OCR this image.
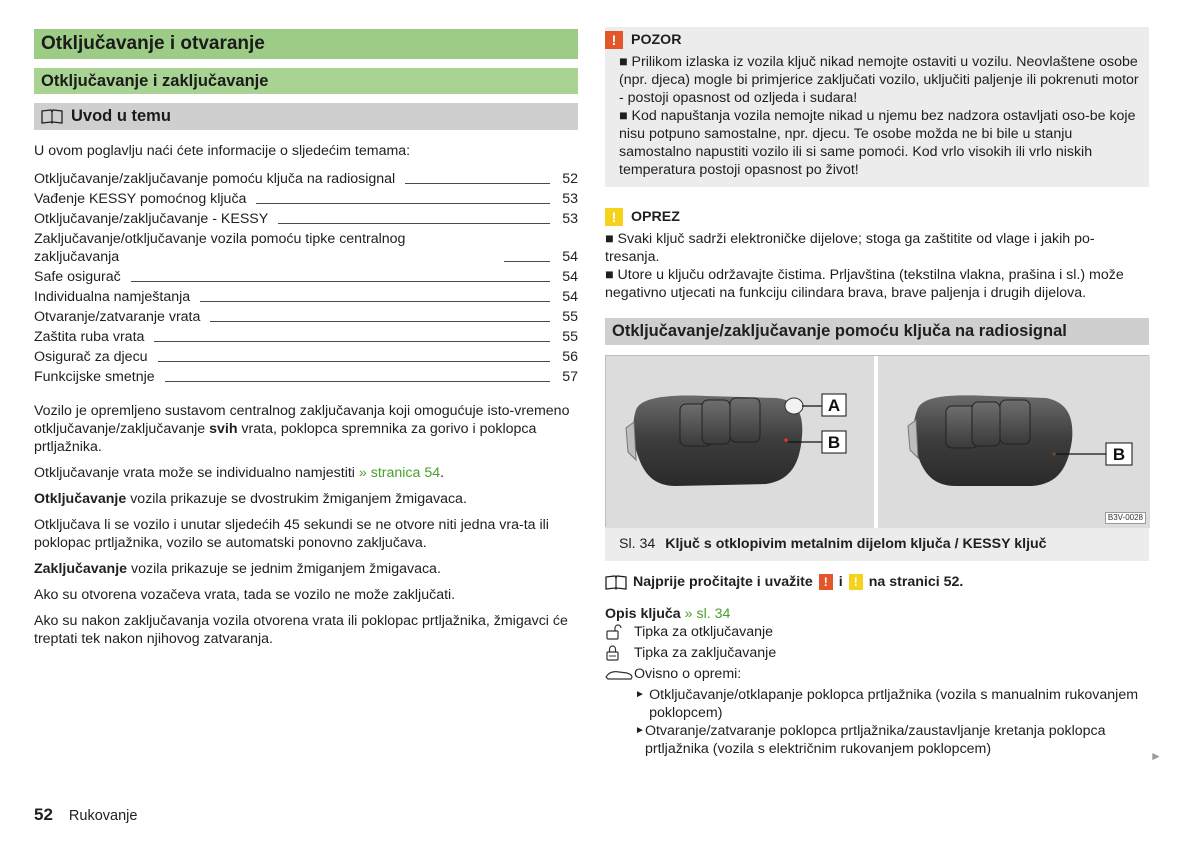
Otključavanje i otvaranje
Otključavanje i zaključavanje
Uvod u temu

U ovom poglavlju naći ćete informacije o sljedećim temama:

Otključavanje/zaključavanje pomoću ključa na radiosignal	52
Vađenje KESSY pomoćnog ključa	53
Otključavanje/zaključavanje - KESSY	53
Zaključavanje/otključavanje vozila pomoću tipke centralnog zaključavanja	54
Safe osigurač	54
Individualna namještanja	54
Otvaranje/zatvaranje vrata	55
Zaštita ruba vrata	55
Osigurač za djecu	56
Funkcijske smetnje	57

Vozilo je opremljeno sustavom centralnog zaključavanja koji omogućuje isto-vremeno otključavanje/zaključavanje svih vrata, poklopca spremnika za gorivo i poklopca prtljažnika.

Otključavanje vrata može se individualno namjestiti » stranica 54.

Otključavanje vozila prikazuje se dvostrukim žmiganjem žmigavaca.

Otključava li se vozilo i unutar sljedećih 45 sekundi se ne otvore niti jedna vra-ta ili poklopac prtljažnika, vozilo se automatski ponovno zaključava.

Zaključavanje vozila prikazuje se jednim žmiganjem žmigavaca.

Ako su otvorena vozačeva vrata, tada se vozilo ne može zaključati.

Ako su nakon zaključavanja vozila otvorena vrata ili poklopac prtljažnika, žmigavci će treptati tek nakon njihovog zatvaranja.

!	POZOR

■ Prilikom izlaska iz vozila ključ nikad nemojte ostaviti u vozilu. Neovlaštene osobe (npr. djeca) mogle bi primjerice zaključati vozilo, uključiti paljenje ili pokrenuti motor - postoji opasnost od ozljeda i sudara!

■ Kod napuštanja vozila nemojte nikad u njemu bez nadzora ostavljati oso-be koje nisu potpuno samostalne, npr. djecu. Te osobe možda ne bi bile u stanju samostalno napustiti vozilo ili si same pomoći. Kod vrlo visokih ili vrlo niskih temperatura postoji opasnost po život!

!	OPREZ

■ Svaki ključ sadrži elektroničke dijelove; stoga ga zaštitite od vlage i jakih po-tresanja.

■ Utore u ključu održavajte čistima. Prljavština (tekstilna vlakna, prašina i sl.) može negativno utjecati na funkciju cilindara brava, brave paljenja i drugih dijelova.

Otključavanje/zaključavanje pomoću ključa na radiosignal
A
B
B
B3V-0028
Sl. 34 Ključ s otklopivim metalnim dijelom ključa / KESSY ključ
Najprije pročitajte i uvažite ! i ! na stranici 52.
Opis ključa » sl. 34
Tipka za otključavanje
Tipka za zaključavanje
Ovisno o opremi:
► Otključavanje/otklapanje poklopca prtljažnika (vozila s manualnim rukovanjem poklopcem)
► Otvaranje/zatvaranje poklopca prtljažnika/zaustavljanje kretanja poklopca prtljažnika (vozila s električnim rukovanjem poklopcem)	►
52 Rukovanje
